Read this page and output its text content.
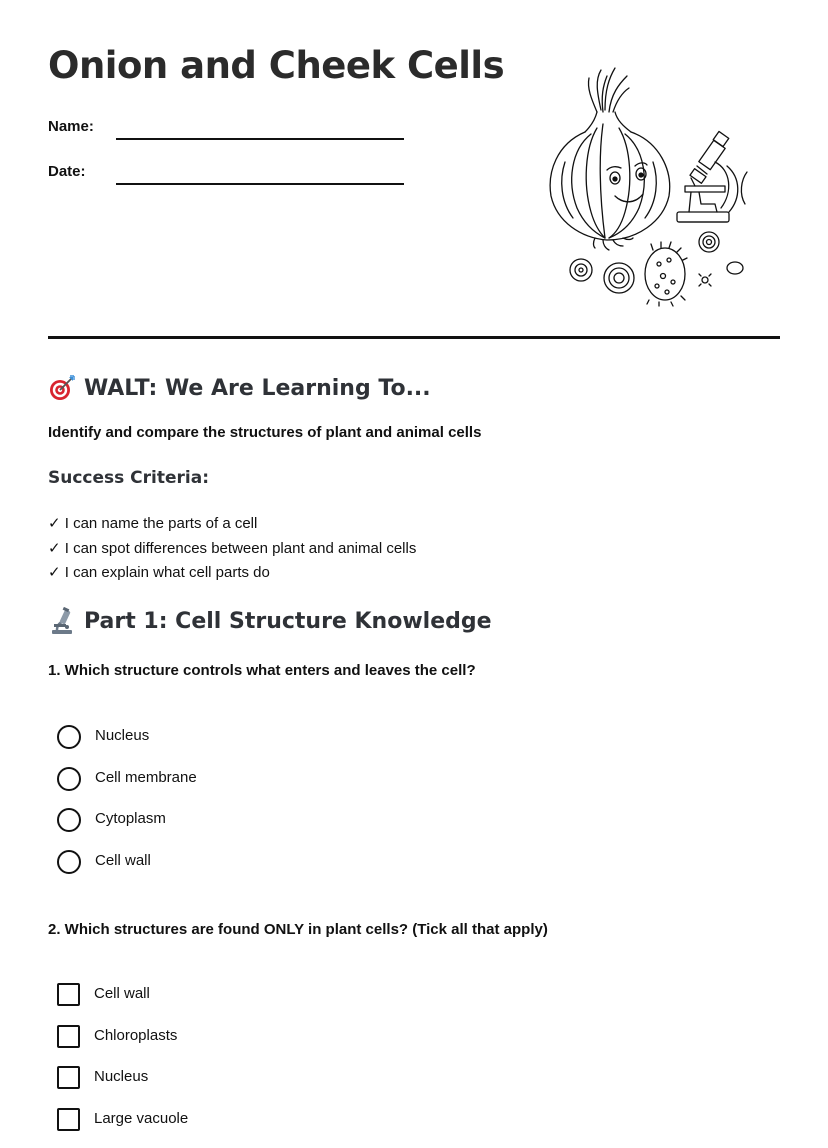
Onion and Cheek Cells
Name:
Date:
WALT: We Are Learning To...

Identify and compare the structures of plant and animal cells

Success Criteria:
✓ I can name the parts of a cell
✓ I can spot differences between plant and animal cells
✓ I can explain what cell parts do
Part 1: Cell Structure Knowledge

1. Which structure controls what enters and leaves the cell?

Nucleus
Cell membrane
Cytoplasm
Cell wall

2. Which structures are found ONLY in plant cells? (Tick all that apply)

Cell wall
Chloroplasts
Nucleus
Large vacuole
